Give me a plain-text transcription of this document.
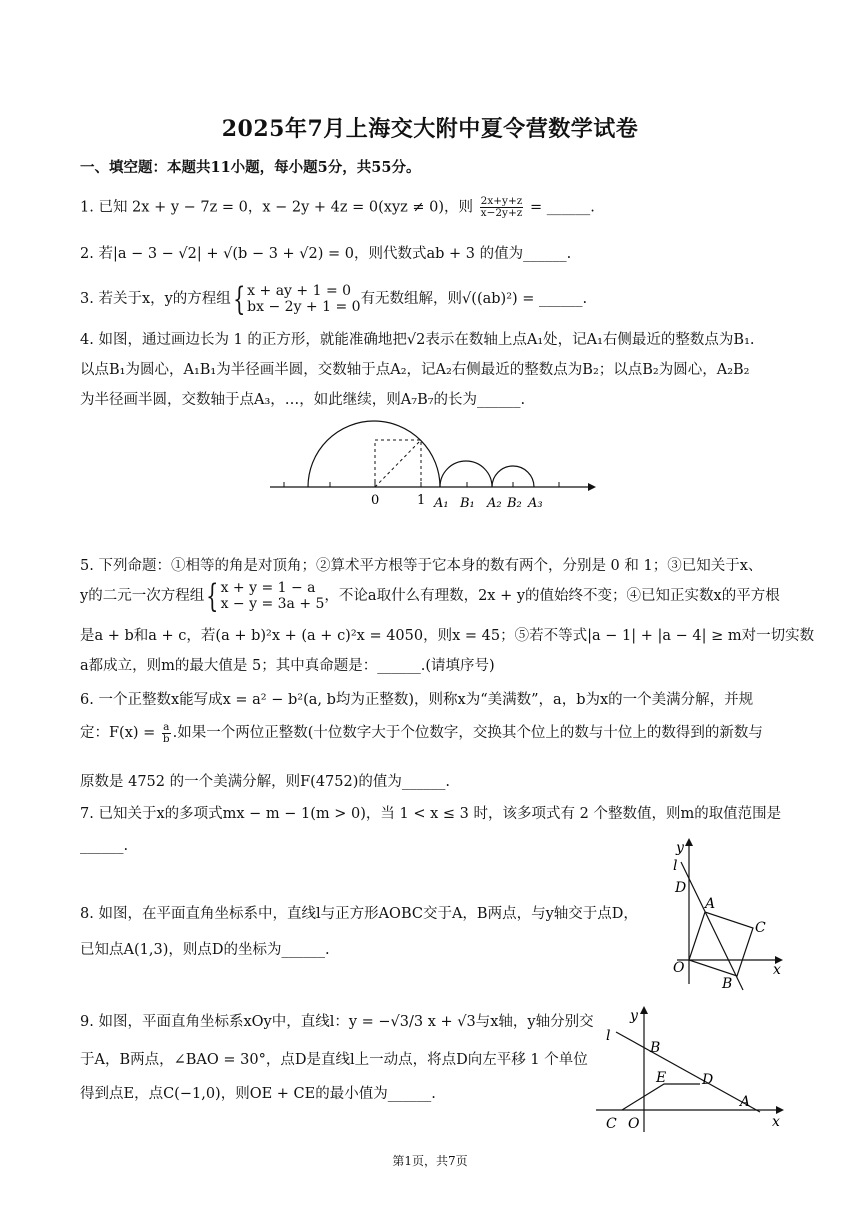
2025年7月上海交大附中夏令营数学试卷
一、填空题：本题共11小题，每小题5分，共55分。
1. 已知 2x + y − 7z = 0，x − 2y + 4z = 0(xyz ≠ 0)，则 $\frac{2x+y+z}{x-2y+z}$ = ______.
2. 若|a − 3 − √2| + √(b − 3 + √2) = 0，则代数式ab + 3 的值为______.
3. 若关于x，y的方程组{ x + ay + 1 = 0
bx − 2y + 1 = 0 有无数组解，则√((ab)²) = ______.
4. 如图，通过画边长为 1 的正方形，就能准确地把√2表示在数轴上点A₁处，记A₁右侧最近的整数点为B₁.
以点B₁为圆心，A₁B₁为半径画半圆，交数轴于点A₂，记A₂右侧最近的整数点为B₂；以点B₂为圆心，A₂B₂
为半径画半圆，交数轴于点A₃，…，如此继续，则A₇B₇的长为______.
0	1 A₁ B₁ A₂ B₂ A₃
5. 下列命题：①相等的角是对顶角；②算术平方根等于它本身的数有两个，分别是 0 和 1；③已知关于x、
y的二元一次方程组{ x + y = 1 − a
x − y = 3a + 5 ，不论a取什么有理数，2x + y的值始终不变；④已知正实数x的平方根
是a + b和a + c，若(a + b)²x + (a + c)²x = 4050，则x = 45；⑤若不等式|a − 1| + |a − 4| ≥ m对一切实数
a都成立，则m的最大值是 5；其中真命题是：______.(请填序号)
6. 一个正整数x能写成x = a² − b²(a, b均为正整数)，则称x为“美满数”，a，b为x的一个美满分解，并规
定：$F(x) = \frac{a}{b}$ .如果一个两位正整数(十位数字大于个位数字，交换其个位上的数与十位上的数得到的新数与
原数是 4752 的一个美满分解，则F(4752)的值为______.
7. 已知关于x的多项式mx − m − 1(m > 0)，当 1 < x ≤ 3 时，该多项式有 2 个整数值，则m的取值范围是
______.	y
l
D
A
C
O
B
x
8. 如图，在平面直角坐标系中，直线l与正方形AOBC交于A，B两点，与y轴交于点D，
已知点A(1,3)，则点D的坐标为______.
9. 如图，平面直角坐标系xOy中，直线l：y = −√3/3 x + √3与x轴，y轴分别交
于A，B两点，∠BAO = 30°，点D是直线l上一动点，将点D向左平移 1 个单位
得到点E，点C(−1,0)，则OE + CE的最小值为______.
l
y
B
E	D
A
C O	x
第1页，共7页
